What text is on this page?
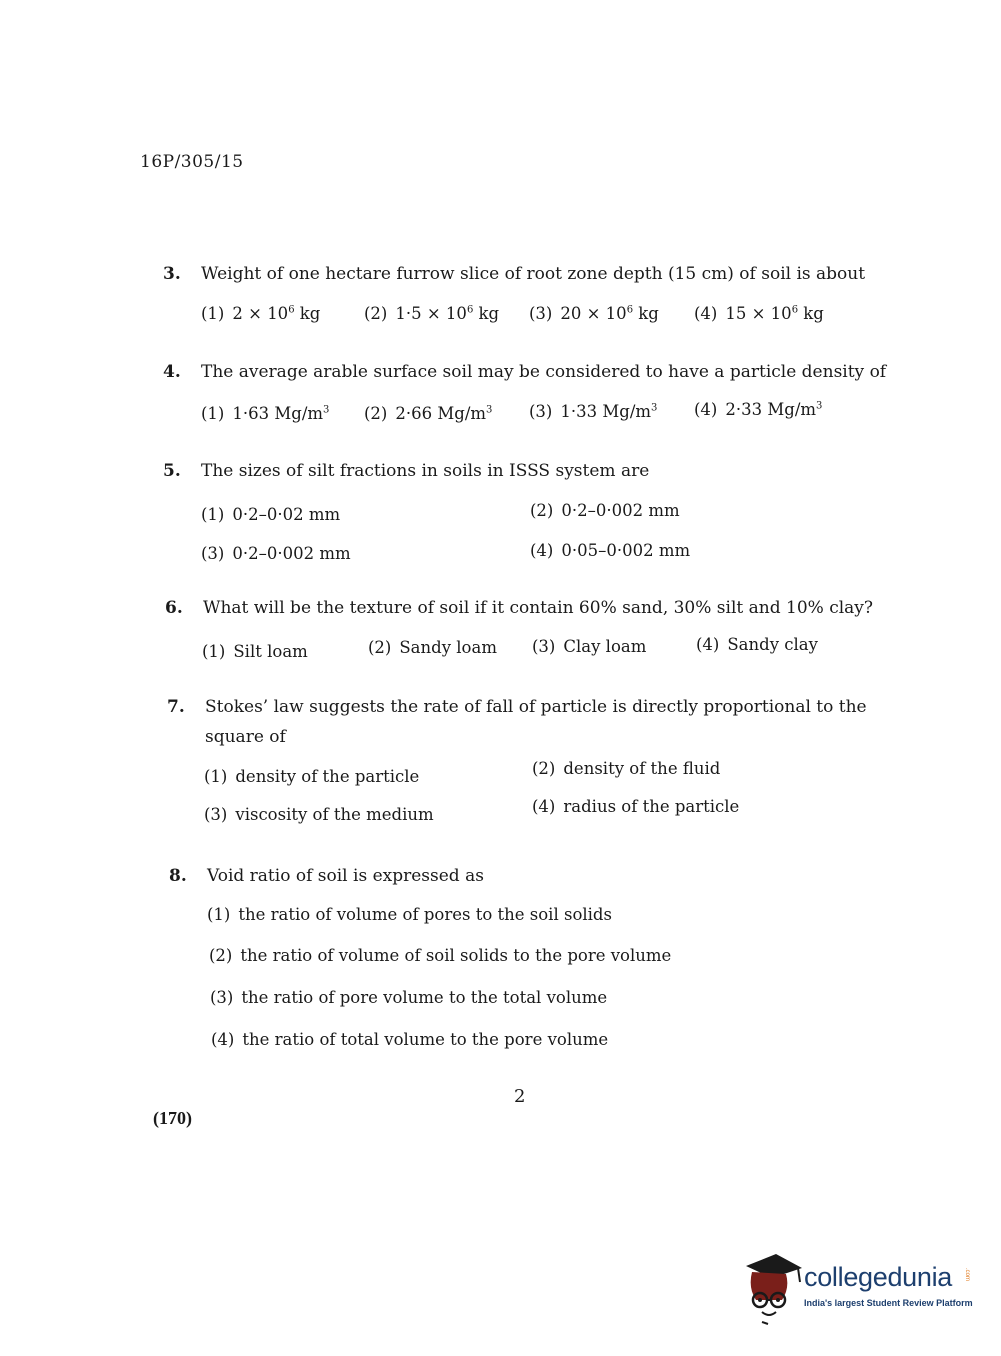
16P/305/15
3. Weight of one hectare furrow slice of root zone depth (15 cm) of soil is about
(1) $2 \times 10^6$ kg	(2) $1\cdot 5 \times 10^6$ kg (3) $20 \times 10^6$ kg (4) $15 \times 10^6$ kg
4. The average arable surface soil may be considered to have a particle density of
(1) 1·63 $Mg/m^3$ (2) 2·66 $Mg/m^3$ (3) 1·33 $Mg/m^3$ (4) 2·33 $Mg/m^3$
5. The sizes of silt fractions in soils in ISSS system are
(1) 0·2–0·02 mm	(2) 0·2–0·002 mm
(3) 0·2–0·002 mm	(4) 0·05–0·002 mm
6. What will be the texture of soil if it contain 60% sand, 30% silt and 10% clay?
(1) Silt loam	(2) Sandy loam (3) Clay loam	(4) Sandy clay
7. Stokes’ law suggests the rate of fall of particle is directly proportional to the
square of
(1) density of the particle	(2) density of the fluid
(3) viscosity of the medium	(4) radius of the particle
8. Void ratio of soil is expressed as
(1) the ratio of volume of pores to the soil solids
(2) the ratio of volume of soil solids to the pore volume
(3) the ratio of pore volume to the total volume
(4) the ratio of total volume to the pore volume
2
(170)
collegedunia .com
India's largest Student Review Platform
